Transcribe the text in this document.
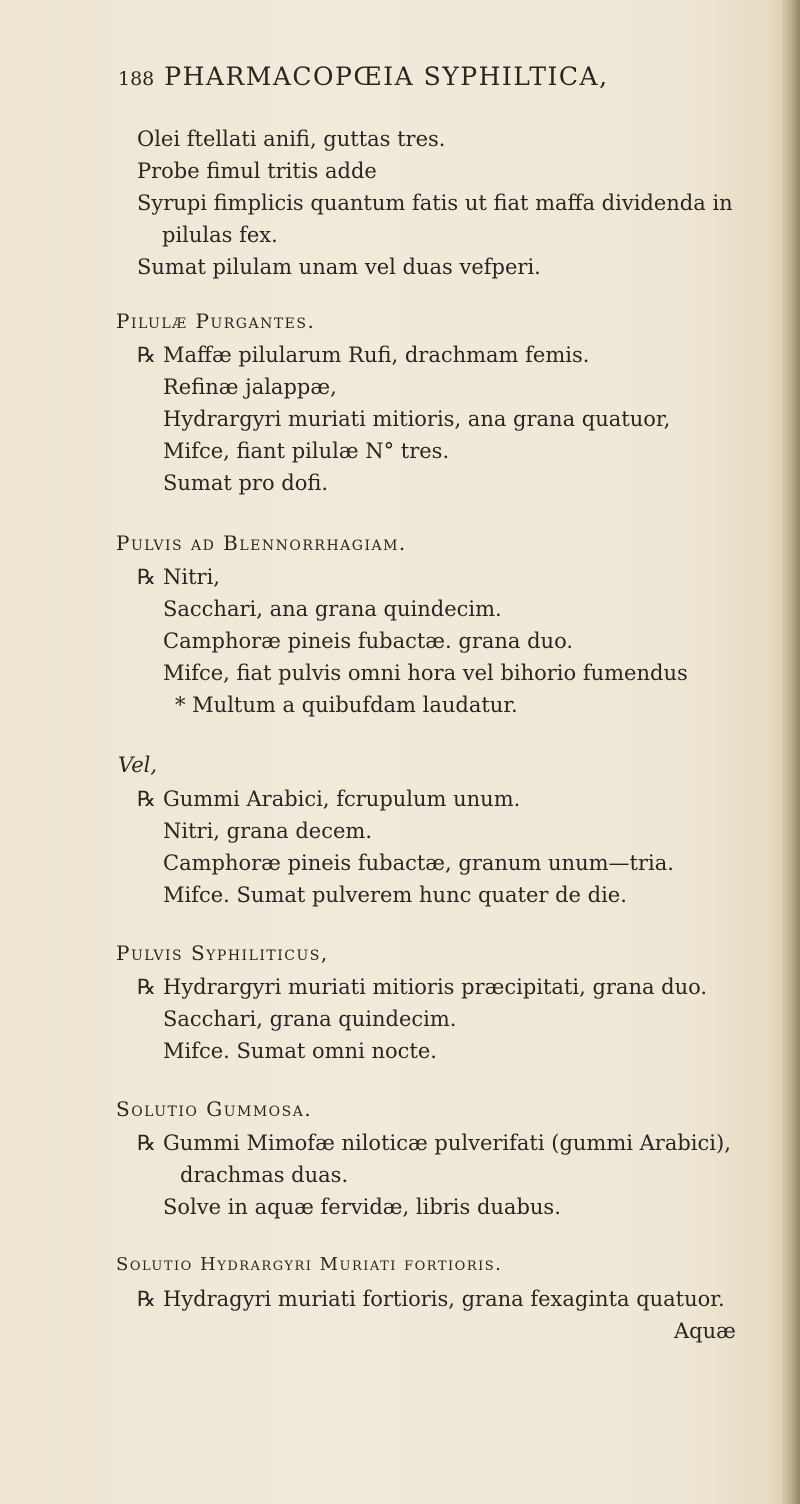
188 PHARMACOPŒIA SYPHILTICA,
Olei ftellati anifi, guttas tres.
Probe fimul tritis adde
Syrupi fimplicis quantum fatis ut fiat maffa dividenda in
pilulas fex.
Sumat pilulam unam vel duas vefperi.
Pilulæ Purgantes.
℞ Maffæ pilularum Rufi, drachmam femis.
Refinæ jalappæ,
Hydrargyri muriati mitioris, ana grana quatuor,
Mifce, fiant pilulæ N° tres.
Sumat pro dofi.
Pulvis ad Blennorrhagiam.
℞ Nitri,
Sacchari, ana grana quindecim.
Camphoræ pineis fubactæ. grana duo.
Mifce, fiat pulvis omni hora vel bihorio fumendus
* Multum a quibufdam laudatur.
Vel,
℞ Gummi Arabici, fcrupulum unum.
Nitri, grana decem.
Camphoræ pineis fubactæ, granum unum—tria.
Mifce. Sumat pulverem hunc quater de die.
Pulvis Syphiliticus,
℞ Hydrargyri muriati mitioris præcipitati, grana duo.
Sacchari, grana quindecim.
Mifce. Sumat omni nocte.
Solutio Gummosa.
℞ Gummi Mimofæ niloticæ pulverifati (gummi Arabici),
drachmas duas.
Solve in aquæ fervidæ, libris duabus.
Solutio Hydrargyri Muriati fortioris.
℞ Hydragyri muriati fortioris, grana fexaginta quatuor.
Aquæ
